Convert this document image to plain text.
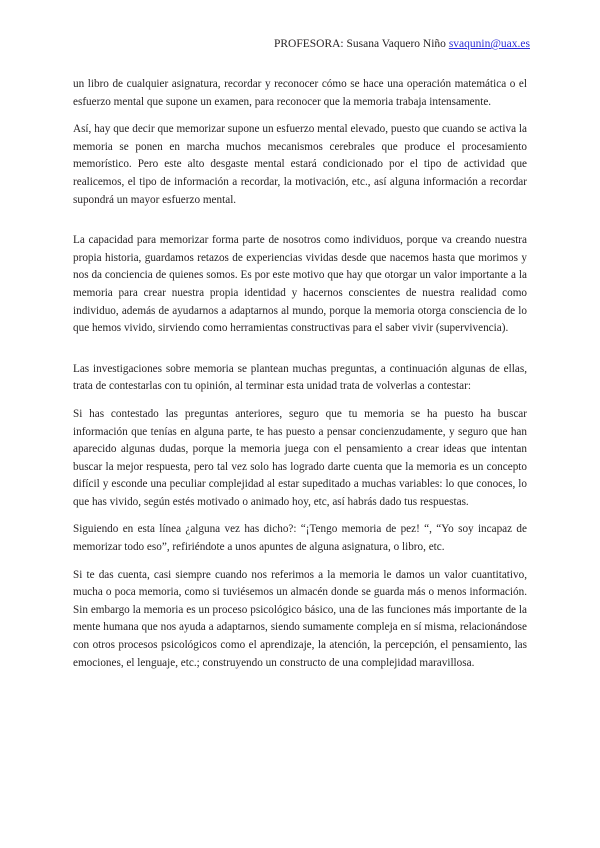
PROFESORA: Susana Vaquero Niño svaqunin@uax.es

un libro de cualquier asignatura, recordar y reconocer cómo se hace una operación matemática o el esfuerzo mental que supone un examen, para reconocer que la memoria trabaja intensamente.

Así, hay que decir que memorizar supone un esfuerzo mental elevado, puesto que cuando se activa la memoria se ponen en marcha muchos mecanismos cerebrales que produce el procesamiento memorístico. Pero este alto desgaste mental estará condicionado por el tipo de actividad que realicemos, el tipo de información a recordar, la motivación, etc., así alguna información a recordar supondrá un mayor esfuerzo mental.

La capacidad para memorizar forma parte de nosotros como individuos, porque va creando nuestra propia historia, guardamos retazos de experiencias vividas desde que nacemos hasta que morimos y nos da conciencia de quienes somos. Es por este motivo que hay que otorgar un valor importante a la memoria para crear nuestra propia identidad y hacernos conscientes de nuestra realidad como individuo, además de ayudarnos a adaptarnos al mundo, porque la memoria otorga consciencia de lo que hemos vivido, sirviendo como herramientas constructivas para el saber vivir (supervivencia).

Las investigaciones sobre memoria se plantean muchas preguntas, a continuación algunas de ellas, trata de contestarlas con tu opinión, al terminar esta unidad trata de volverlas a contestar:

Si has contestado las preguntas anteriores, seguro que tu memoria se ha puesto ha buscar información que tenías en alguna parte, te has puesto a pensar concienzudamente, y seguro que han aparecido algunas dudas, porque la memoria juega con el pensamiento a crear ideas que intentan buscar la mejor respuesta, pero tal vez solo has logrado darte cuenta que la memoria es un concepto difícil y esconde una peculiar complejidad al estar supeditado a muchas variables: lo que conoces, lo que has vivido, según estés motivado o animado hoy, etc, así habrás dado tus respuestas.

Siguiendo en esta línea ¿alguna vez has dicho?: “¡Tengo memoria de pez! “, “Yo soy incapaz de memorizar todo eso”, refiriéndote a unos apuntes de alguna asignatura, o libro, etc.

Si te das cuenta, casi siempre cuando nos referimos a la memoria le damos un valor cuantitativo, mucha o poca memoria, como si tuviésemos un almacén donde se guarda más o menos información. Sin embargo la memoria es un proceso psicológico básico, una de las funciones más importante de la mente humana que nos ayuda a adaptarnos, siendo sumamente compleja en sí misma, relacionándose con otros procesos psicológicos como el aprendizaje, la atención, la percepción, el pensamiento, las emociones, el lenguaje, etc.; construyendo un constructo de una complejidad maravillosa.
